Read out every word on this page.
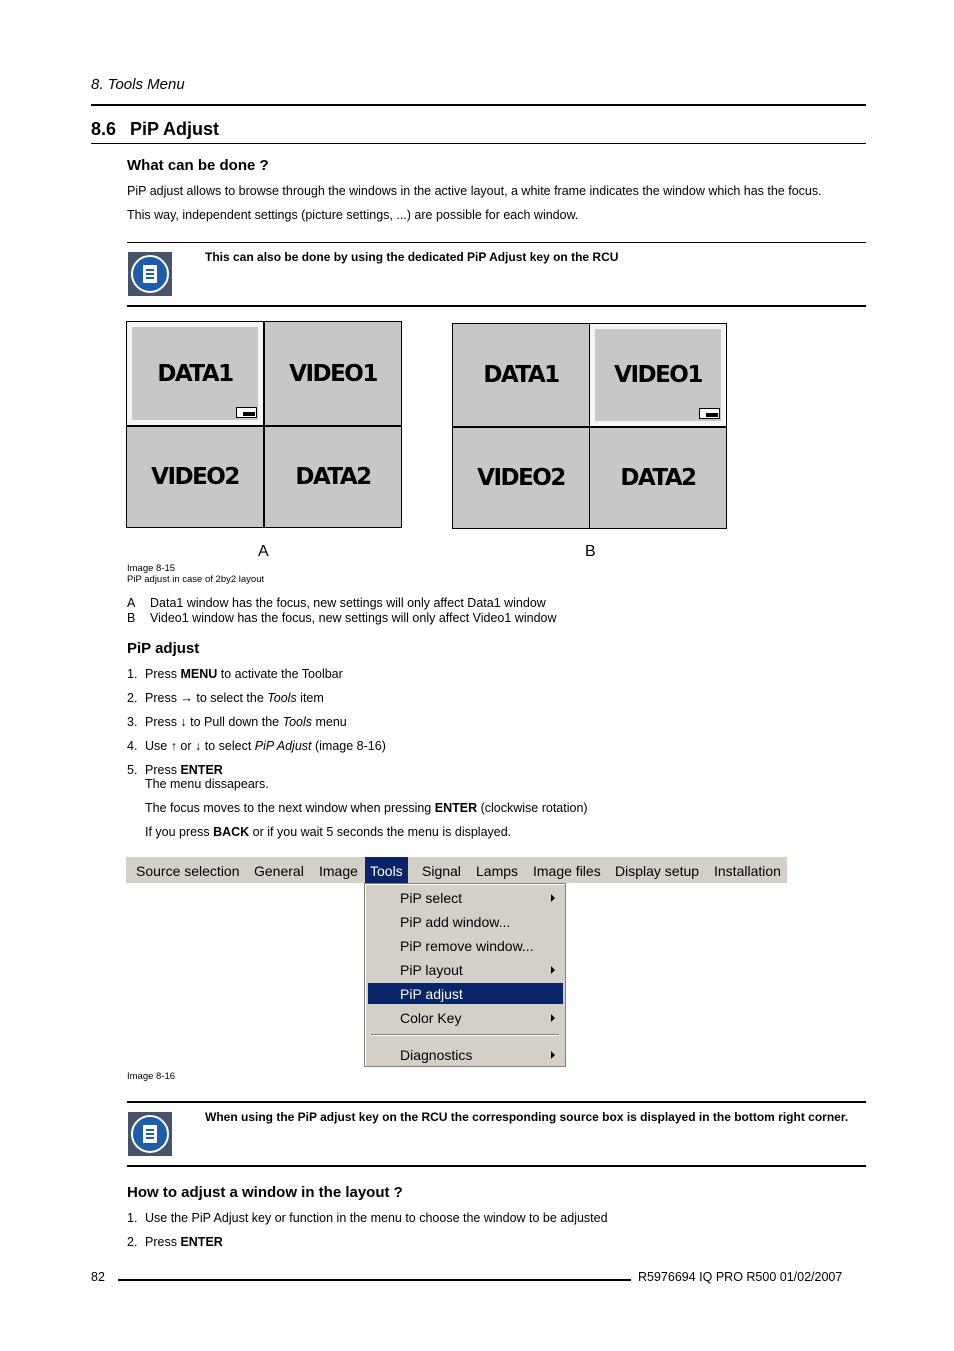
8. Tools Menu
8.6 PiP Adjust
What can be done ?
PiP adjust allows to browse through the windows in the active layout, a white frame indicates the window which has the focus.
This way, independent settings (picture settings, ...) are possible for each window.
This can also be done by using the dedicated PiP Adjust key on the RCU
DATA1 VIDEO1
VIDEO2 DATA2
A
DATA1 VIDEO1
VIDEO2 DATA2
B
Image 8-15
PiP adjust in case of 2by2 layout
A Data1 window has the focus, new settings will only affect Data1 window
B Video1 window has the focus, new settings will only affect Video1 window
PiP adjust
1. Press MENU to activate the Toolbar
2. Press → to select the Tools item
3. Press ↓ to Pull down the Tools menu
4. Use ↑ or ↓ to select PiP Adjust (image 8-16)
5. Press ENTER
The menu dissapears.
The focus moves to the next window when pressing ENTER (clockwise rotation)
If you press BACK or if you wait 5 seconds the menu is displayed.
Source selection General Image Tools	Signal Lamps Image files Display setup Installation
PiP select
PiP add window...
PiP remove window...
PiP layout
PiP adjust
Color Key
Diagnostics
Image 8-16
When using the PiP adjust key on the RCU the corresponding source box is displayed in the bottom right corner.
How to adjust a window in the layout ?
1. Use the PiP Adjust key or function in the menu to choose the window to be adjusted
2. Press ENTER
82	R5976694 IQ PRO R500 01/02/2007
